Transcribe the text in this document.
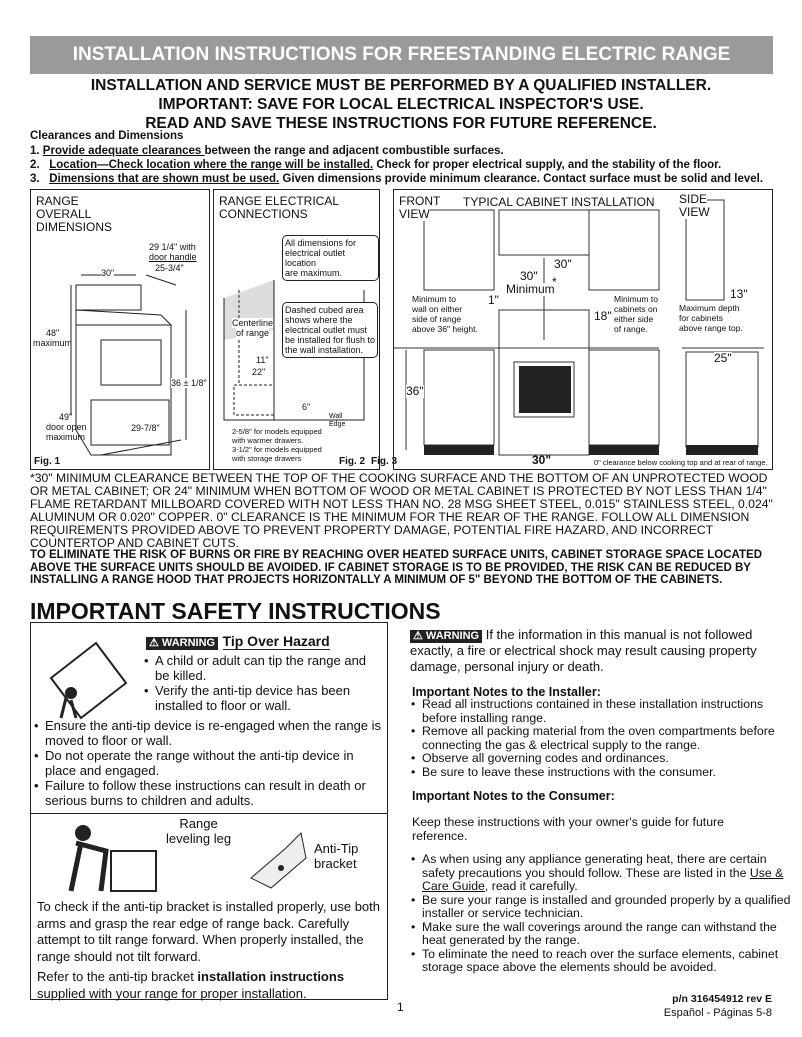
INSTALLATION INSTRUCTIONS FOR FREESTANDING ELECTRIC RANGE
INSTALLATION AND SERVICE MUST BE PERFORMED BY A QUALIFIED INSTALLER.
IMPORTANT: SAVE FOR LOCAL ELECTRICAL INSPECTOR'S USE.
READ AND SAVE THESE INSTRUCTIONS FOR FUTURE REFERENCE.
Clearances and Dimensions
1. Provide adequate clearances between the range and adjacent combustible surfaces.
2. Location—Check location where the range will be installed. Check for proper electrical supply, and the stability of the floor.
3. Dimensions that are shown must be used. Given dimensions provide minimum clearance. Contact surface must be solid and level.
RANGE
OVERALL
DIMENSIONS
29 1/4" with
door handle
25-3/4"
30"
48"
maximum
36 ± 1/8"
49"
door open
maximum
29-7/8"
Fig. 1
RANGE ELECTRICAL
CONNECTIONS
All dimensions for
electrical outlet location
are maximum.
Dashed cubed area
shows where the
electrical outlet must
be installed for flush to
the wall installation.
Centerline
of range
11"
22"
6"
Wall
Edge
2-5/8" for models equipped
with warmer drawers.
3-1/2" for models equipped
with storage drawers	Fig. 2 Fig. 3
FRONT
VIEW
TYPICAL CABINET INSTALLATION	SIDE
VIEW
30"
30"
Minimum
*
Minimum to
wall on either
side of range
above 36" height.
1"
18"
Minimum to
cabinets on
either side
of range.
13"
Maximum depth
for cabinets
above range top.
25"
36"
30"	0" clearance below cooking top and at rear of range.
*30" MINIMUM CLEARANCE BETWEEN THE TOP OF THE COOKING SURFACE AND THE BOTTOM OF AN UNPROTECTED WOOD OR METAL CABINET; OR 24" MINIMUM WHEN BOTTOM OF WOOD OR METAL CABINET IS PROTECTED BY NOT LESS THAN 1/4" FLAME RETARDANT MILLBOARD COVERED WITH NOT LESS THAN NO. 28 MSG SHEET STEEL, 0.015" STAINLESS STEEL, 0.024" ALUMINUM OR 0.020" COPPER. 0" CLEARANCE IS THE MINIMUM FOR THE REAR OF THE RANGE. FOLLOW ALL DIMENSION REQUIREMENTS PROVIDED ABOVE TO PREVENT PROPERTY DAMAGE, POTENTIAL FIRE HAZARD, AND INCORRECT COUNTERTOP AND CABINET CUTS.
TO ELIMINATE THE RISK OF BURNS OR FIRE BY REACHING OVER HEATED SURFACE UNITS, CABINET STORAGE SPACE LOCATED ABOVE THE SURFACE UNITS SHOULD BE AVOIDED. IF CABINET STORAGE IS TO BE PROVIDED, THE RISK CAN BE REDUCED BY INSTALLING A RANGE HOOD THAT PROJECTS HORIZONTALLY A MINIMUM OF 5" BEYOND THE BOTTOM OF THE CABINETS.
IMPORTANT SAFETY INSTRUCTIONS
⚠ WARNING Tip Over Hazard
• A child or adult can tip the range and be killed.
• Verify the anti-tip device has been installed to floor or wall.
• Ensure the anti-tip device is re-engaged when the range is moved to floor or wall.
• Do not operate the range without the anti-tip device in place and engaged.
• Failure to follow these instructions can result in death or serious burns to children and adults.
Range
leveling leg
Anti-Tip
bracket
To check if the anti-tip bracket is installed properly, use both arms and grasp the rear edge of range back. Carefully attempt to tilt range forward. When properly installed, the range should not tilt forward.
Refer to the anti-tip bracket installation instructions supplied with your range for proper installation.
⚠ WARNING If the information in this manual is not followed exactly, a fire or electrical shock may result causing property damage, personal injury or death.
Important Notes to the Installer:
• Read all instructions contained in these installation instructions before installing range.
• Remove all packing material from the oven compartments before connecting the gas & electrical supply to the range.
• Observe all governing codes and ordinances.
• Be sure to leave these instructions with the consumer.
Important Notes to the Consumer:
Keep these instructions with your owner's guide for future reference.
• As when using any appliance generating heat, there are certain safety precautions you should follow. These are listed in the Use & Care Guide, read it carefully.
• Be sure your range is installed and grounded properly by a qualified installer or service technician.
• Make sure the wall coverings around the range can withstand the heat generated by the range.
• To eliminate the need to reach over the surface elements, cabinet storage space above the elements should be avoided.
1
p/n 316454912 rev E
Español - Páginas 5-8
